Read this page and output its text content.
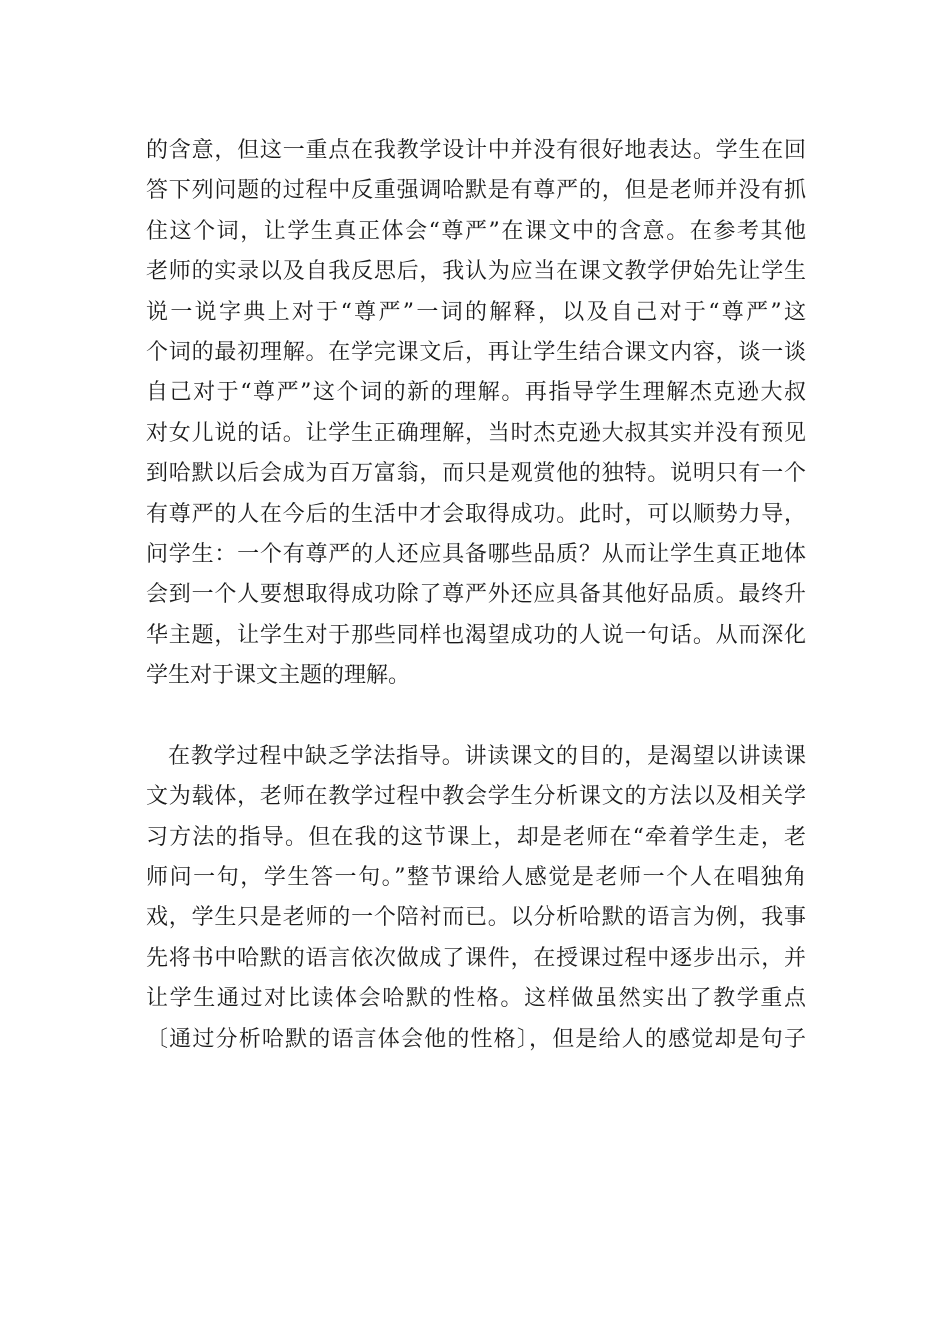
的含意，但这一重点在我教学设计中并没有很好地表达。学生在回
答下列问题的过程中反重强调哈默是有尊严的，但是老师并没有抓
住这个词，让学生真正体会“尊严”在课文中的含意。在参考其他
老师的实录以及自我反思后，我认为应当在课文教学伊始先让学生
说一说字典上对于“尊严”一词的解释，以及自己对于“尊严”这
个词的最初理解。在学完课文后，再让学生结合课文内容，谈一谈
自己对于“尊严”这个词的新的理解。再指导学生理解杰克逊大叔
对女儿说的话。让学生正确理解，当时杰克逊大叔其实并没有预见
到哈默以后会成为百万富翁，而只是观赏他的独特。说明只有一个
有尊严的人在今后的生活中才会取得成功。此时，可以顺势力导，
问学生：一个有尊严的人还应具备哪些品质？从而让学生真正地体
会到一个人要想取得成功除了尊严外还应具备其他好品质。最终升
华主题，让学生对于那些同样也渴望成功的人说一句话。从而深化
学生对于课文主题的理解。
在教学过程中缺乏学法指导。讲读课文的目的，是渴望以讲读课
文为载体，老师在教学过程中教会学生分析课文的方法以及相关学
习方法的指导。但在我的这节课上，却是老师在“牵着学生走，老
师问一句，学生答一句。”整节课给人感觉是老师一个人在唱独角
戏，学生只是老师的一个陪衬而已。以分析哈默的语言为例，我事
先将书中哈默的语言依次做成了课件，在授课过程中逐步出示，并
让学生通过对比读体会哈默的性格。这样做虽然实出了教学重点
〔通过分析哈默的语言体会他的性格〕，但是给人的感觉却是句子
